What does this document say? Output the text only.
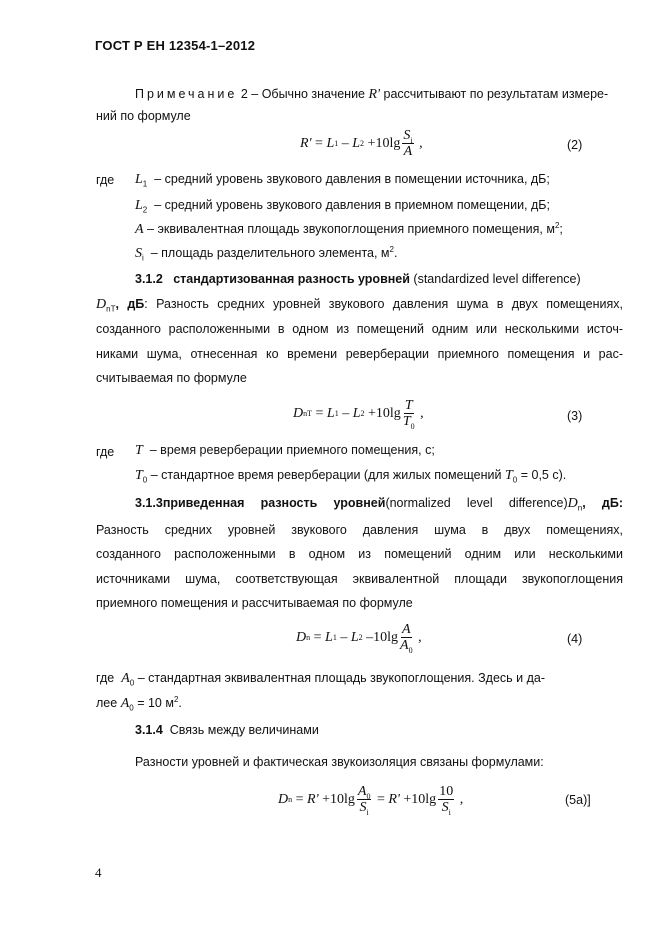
ГОСТ Р ЕН 12354-1–2012
Примечание 2 – Обычно значение R' рассчитывают по результатам измере-
ний по формуле
R' = L 1 – L $2 +10\lg \frac{S_i}{A}$ ,	(2)
где $L_1$ – средний уровень звукового давления в помещении источника, дБ;
$L_2$ – средний уровень звукового давления в приемном помещении, дБ;
A – эквивалентная площадь звукопоглощения приемного помещения, $м^2$;
$S_i$ – площадь разделительного элемента, $м^2$.
3.1.2 стандартизованная разность уровней (standardized level difference)
$D_{nT}$, дБ: Разность средних уровней звукового давления шума в двух помещениях,
созданного расположенными в одном из помещений одним или несколькими источ-
никами шума, отнесенная ко времени реверберации приемного помещения и рас-
считываемая по формуле
D nT = L 1 – L $2 +10\lg \frac{T}{T_0}$ ,	(3)
где T – время реверберации приемного помещения, с;
$T_0$ – стандартное время реверберации (для жилых помещений $T_0 = 0,5$ с).
3.1.3приведенная разность уровней(normalized level $difference)D_n$, дБ:
Разность средних уровней звукового давления шума в двух помещениях,
созданного расположенными в одном из помещений одним или несколькими
источниками шума, соответствующая эквивалентной площади звукопоглощения
приемного помещения и рассчитываемая по формуле
D n = L 1 – L 2 $-10\lg \frac{A}{A_0}$ ,	(4)
где $A_0$ – стандартная эквивалентная площадь звукопоглощения. Здесь и да-
лее $A_0 = 10$ $м^2$.
3.1.4 Связь между величинами
Разности уровней и фактическая звукоизоляция связаны формулами:
D $n = R' +10\lg \frac{A_0}{S_i} = R' +10\lg \frac{10}{S_i}$ ,	(5а)]
4
